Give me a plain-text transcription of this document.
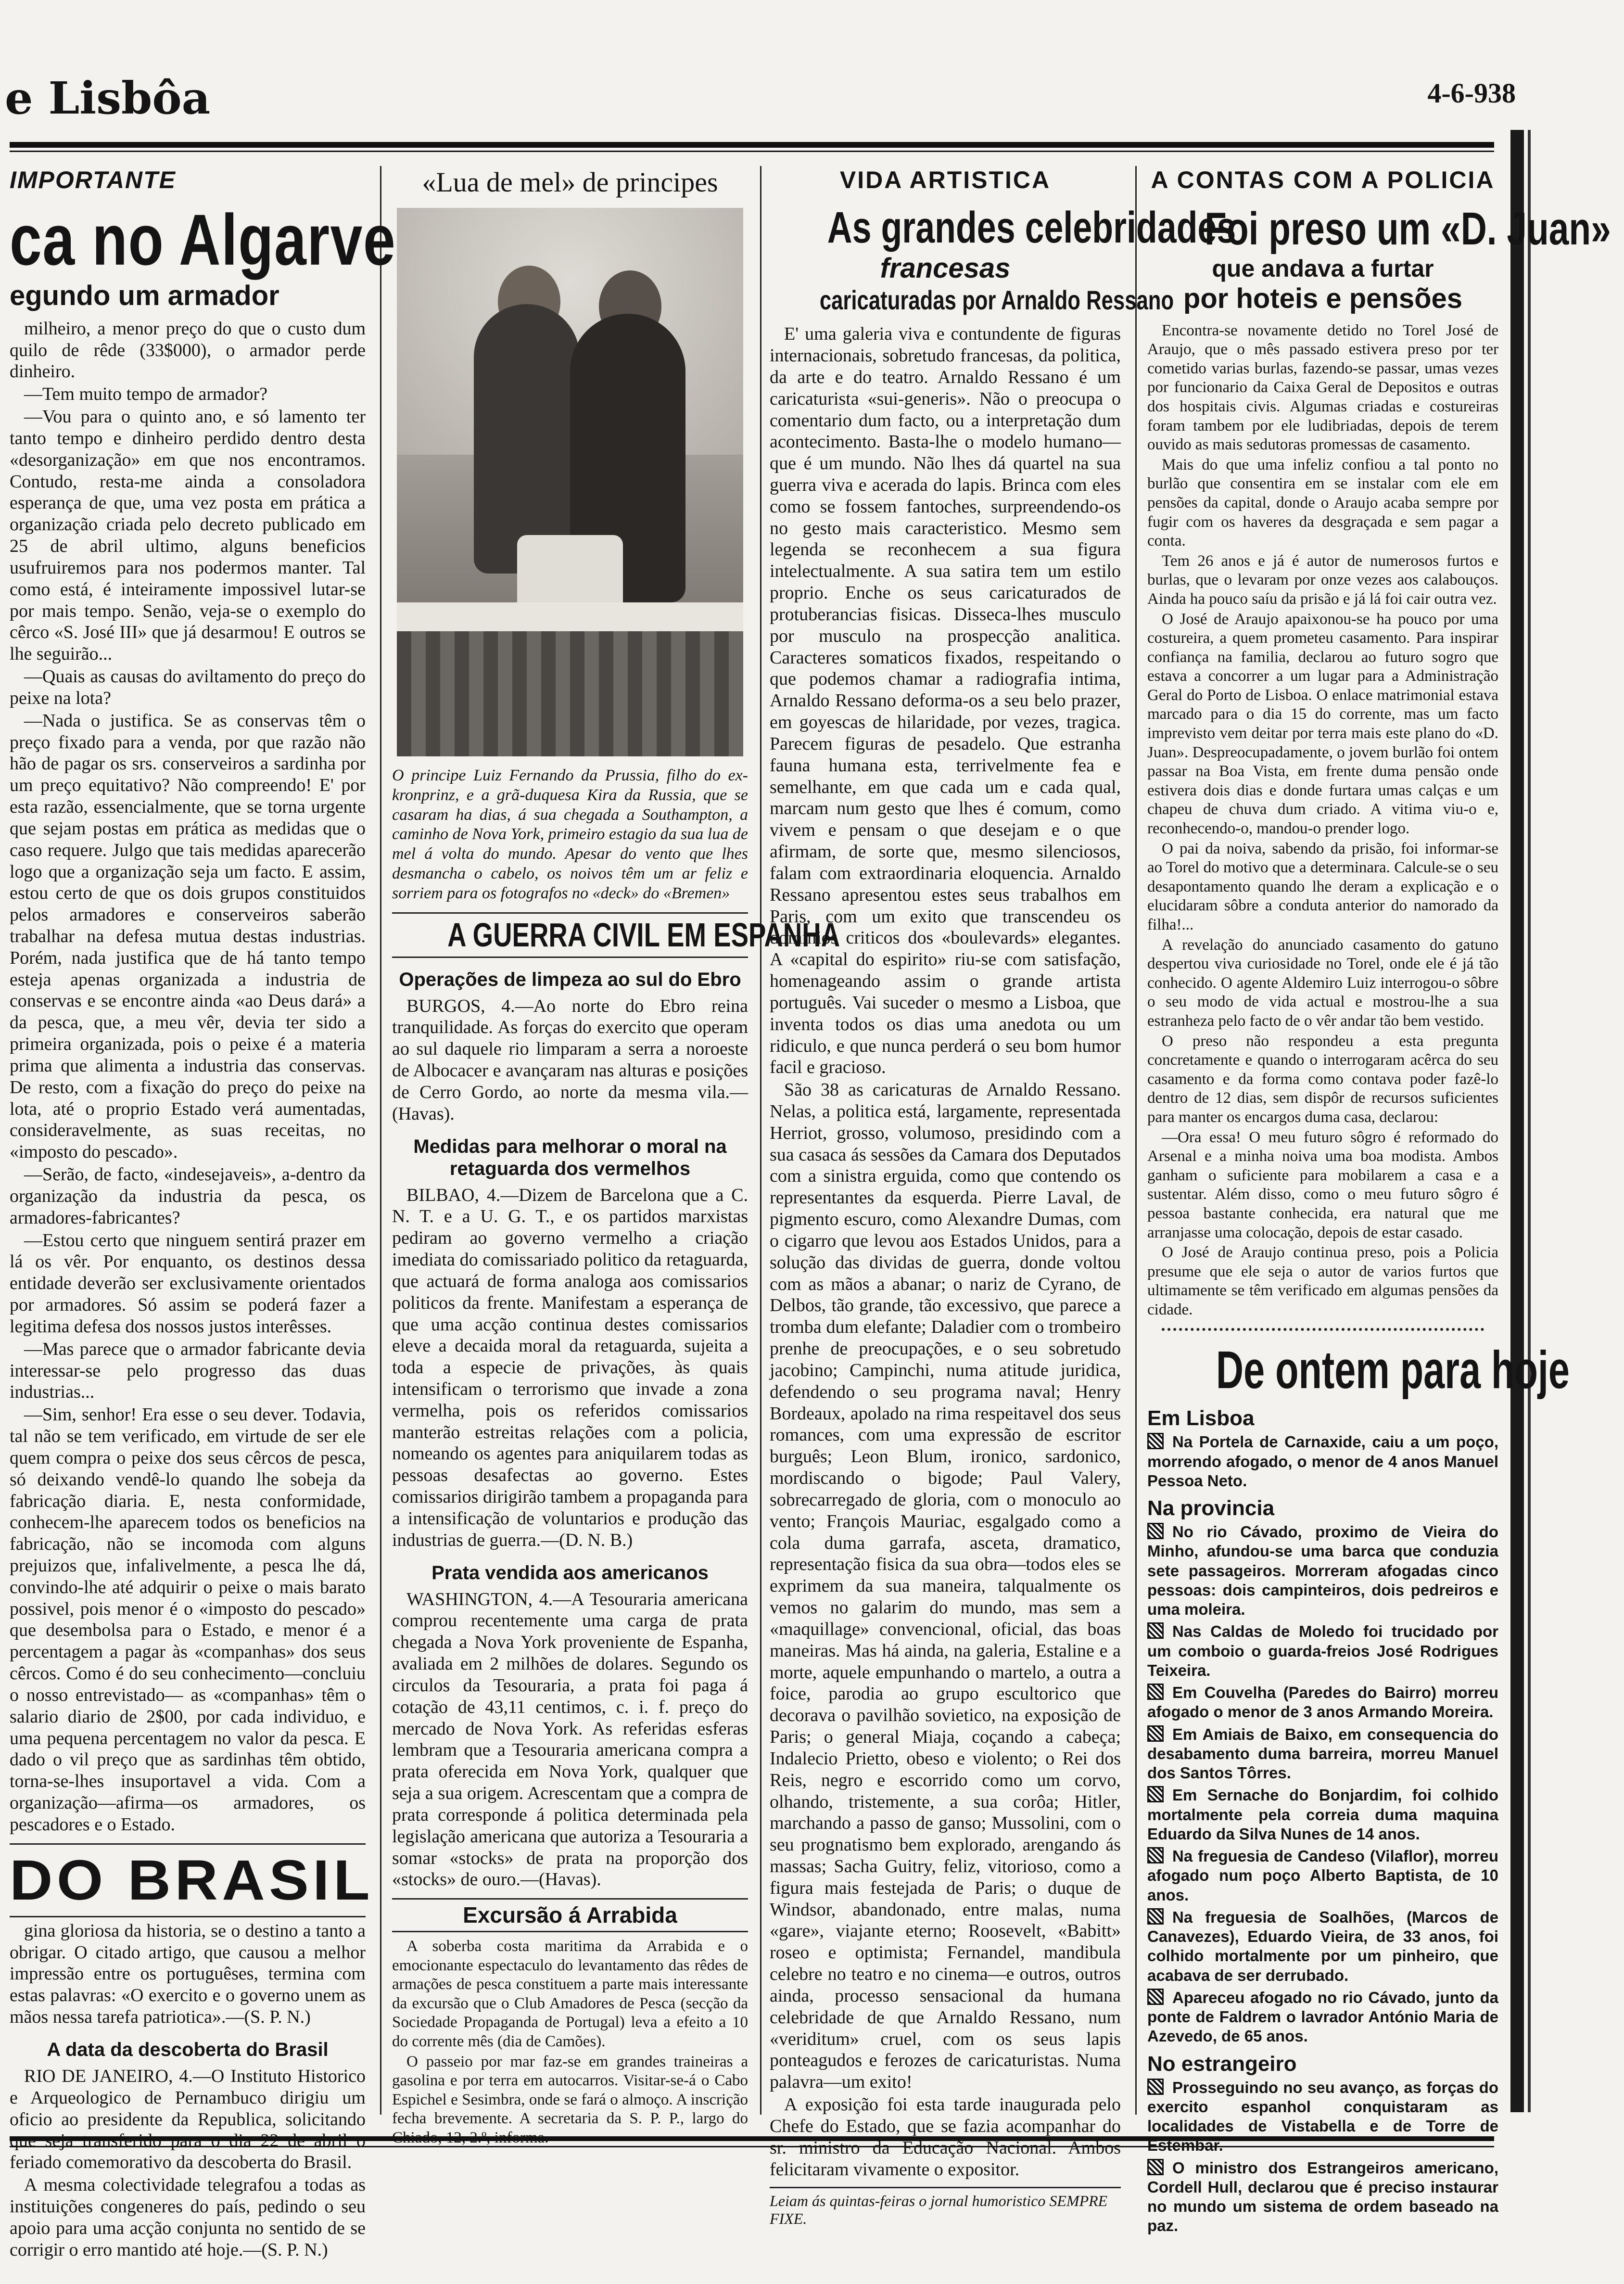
e Lisbôa	4-6-938
IMPORTANTE
ca no Algarve
egundo um armador

milheiro, a menor preço do que o custo dum quilo de rêde (33$000), o armador perde dinheiro.

—Tem muito tempo de armador?

—Vou para o quinto ano, e só lamento ter tanto tempo e dinheiro perdido dentro desta «desorganização» em que nos encontramos. Contudo, resta-me ainda a consoladora esperança de que, uma vez posta em prática a organização criada pelo decreto publicado em 25 de abril ultimo, alguns beneficios usufruiremos para nos podermos manter. Tal como está, é inteiramente impossivel lutar-se por mais tempo. Senão, veja-se o exemplo do cêrco «S. José III» que já desarmou! E outros se lhe seguirão...

—Quais as causas do aviltamento do preço do peixe na lota?

—Nada o justifica. Se as conservas têm o preço fixado para a venda, por que razão não hão de pagar os srs. conserveiros a sardinha por um preço equitativo? Não compreendo! E' por esta razão, essencialmente, que se torna urgente que sejam postas em prática as medidas que o caso requere. Julgo que tais medidas aparecerão logo que a organização seja um facto. E assim, estou certo de que os dois grupos constituidos pelos armadores e conserveiros saberão trabalhar na defesa mutua destas industrias. Porém, nada justifica que de há tanto tempo esteja apenas organizada a industria de conservas e se encontre ainda «ao Deus dará» a da pesca, que, a meu vêr, devia ter sido a primeira organizada, pois o peixe é a materia prima que alimenta a industria das conservas. De resto, com a fixação do preço do peixe na lota, até o proprio Estado verá aumentadas, consideravelmente, as suas receitas, no «imposto do pescado».

—Serão, de facto, «indesejaveis», a-dentro da organização da industria da pesca, os armadores-fabricantes?

—Estou certo que ninguem sentirá prazer em lá os vêr. Por enquanto, os destinos dessa entidade deverão ser exclusivamente orientados por armadores. Só assim se poderá fazer a legitima defesa dos nossos justos interêsses.

—Mas parece que o armador fabricante devia interessar-se pelo progresso das duas industrias...

—Sim, senhor! Era esse o seu dever. Todavia, tal não se tem verificado, em virtude de ser ele quem compra o peixe dos seus cêrcos de pesca, só deixando vendê-lo quando lhe sobeja da fabricação diaria. E, nesta conformidade, conhecem-lhe aparecem todos os beneficios na fabricação, não se incomoda com alguns prejuizos que, infalivelmente, a pesca lhe dá, convindo-lhe até adquirir o peixe o mais barato possivel, pois menor é o «imposto do pescado» que desembolsa para o Estado, e menor é a percentagem a pagar às «companhas» dos seus cêrcos. Como é do seu conhecimento—concluiu o nosso entrevistado— as «companhas» têm o salario diario de 2$00, por cada individuo, e uma pequena percentagem no valor da pesca. E dado o vil preço que as sardinhas têm obtido, torna-se-lhes insuportavel a vida. Com a organização—afirma—os armadores, os pescadores e o Estado.

DO BRASIL

gina gloriosa da historia, se o destino a tanto a obrigar. O citado artigo, que causou a melhor impressão entre os portuguêses, termina com estas palavras: «O exercito e o governo unem as mãos nessa tarefa patriotica».—(S. P. N.)

A data da descoberta do Brasil

RIO DE JANEIRO, 4.—O Instituto Historico e Arqueologico de Pernambuco dirigiu um oficio ao presidente da Republica, solicitando que seja transferido para o dia 22 de abril o feriado comemorativo da descoberta do Brasil.

A mesma colectividade telegrafou a todas as instituições congeneres do país, pedindo o seu apoio para uma acção conjunta no sentido de se corrigir o erro mantido até hoje.—(S. P. N.)

«Lua de mel» de principes
O principe Luiz Fernando da Prussia, filho do ex-kronprinz, e a grã-duquesa Kira da Russia, que se casaram ha dias, á sua chegada a Southampton, a caminho de Nova York, primeiro estagio da sua lua de mel á volta do mundo. Apesar do vento que lhes desmancha o cabelo, os noivos têm um ar feliz e sorriem para os fotografos no «deck» do «Bremen»
A GUERRA CIVIL EM ESPANHA
Operações de limpeza ao sul do Ebro

BURGOS, 4.—Ao norte do Ebro reina tranquilidade. As forças do exercito que operam ao sul daquele rio limparam a serra a noroeste de Albocacer e avançaram nas alturas e posições de Cerro Gordo, ao norte da mesma vila.—(Havas).

Medidas para melhorar o moral na retaguarda dos vermelhos

BILBAO, 4.—Dizem de Barcelona que a C. N. T. e a U. G. T., e os partidos marxistas pediram ao governo vermelho a criação imediata do comissariado politico da retaguarda, que actuará de forma analoga aos comissarios politicos da frente. Manifestam a esperança de que uma acção continua destes comissarios eleve a decaida moral da retaguarda, sujeita a toda a especie de privações, às quais intensificam o terrorismo que invade a zona vermelha, pois os referidos comissarios manterão estreitas relações com a policia, nomeando os agentes para aniquilarem todas as pessoas desafectas ao governo. Estes comissarios dirigirão tambem a propaganda para a intensificação de voluntarios e produção das industrias de guerra.—(D. N. B.)

Prata vendida aos americanos

WASHINGTON, 4.—A Tesouraria americana comprou recentemente uma carga de prata chegada a Nova York proveniente de Espanha, avaliada em 2 milhões de dolares. Segundo os circulos da Tesouraria, a prata foi paga á cotação de 43,11 centimos, c. i. f. preço do mercado de Nova York. As referidas esferas lembram que a Tesouraria americana compra a prata oferecida em Nova York, qualquer que seja a sua origem. Acrescentam que a compra de prata corresponde á politica determinada pela legislação americana que autoriza a Tesouraria a somar «stocks» de prata na proporção dos «stocks» de ouro.—(Havas).

Excursão á Arrabida

A soberba costa maritima da Arrabida e o emocionante espectaculo do levantamento das rêdes de armações de pesca constituem a parte mais interessante da excursão que o Club Amadores de Pesca (secção da Sociedade Propaganda de Portugal) leva a efeito a 10 do corrente mês (dia de Camões).

O passeio por mar faz-se em grandes traineiras a gasolina e por terra em autocarros. Visitar-se-á o Cabo Espichel e Sesimbra, onde se fará o almoço. A inscrição fecha brevemente. A secretaria da S. P. P., largo do Chiado, 12, 2.º, informa.

VIDA ARTISTICA
As grandes celebridades
francesas
caricaturadas por Arnaldo Ressano

E' uma galeria viva e contundente de figuras internacionais, sobretudo francesas, da politica, da arte e do teatro. Arnaldo Ressano é um caricaturista «sui-generis». Não o preocupa o comentario dum facto, ou a interpretação dum acontecimento. Basta-lhe o modelo humano—que é um mundo. Não lhes dá quartel na sua guerra viva e acerada do lapis. Brinca com eles como se fossem fantoches, surpreendendo-os no gesto mais caracteristico. Mesmo sem legenda se reconhecem a sua figura intelectualmente. A sua satira tem um estilo proprio. Enche os seus caricaturados de protuberancias fisicas. Disseca-lhes musculo por musculo na prospecção analitica. Caracteres somaticos fixados, respeitando o que podemos chamar a radiografia intima, Arnaldo Ressano deforma-os a seu belo prazer, em goyescas de hilaridade, por vezes, tragica. Parecem figuras de pesadelo. Que estranha fauna humana esta, terrivelmente fea e semelhante, em que cada um e cada qual, marcam num gesto que lhes é comum, como vivem e pensam o que desejam e o que afirmam, de sorte que, mesmo silenciosos, falam com extraordinaria eloquencia. Arnaldo Ressano apresentou estes seus trabalhos em Paris, com um exito que transcendeu os dominios criticos dos «boulevards» elegantes. A «capital do espirito» riu-se com satisfação, homenageando assim o grande artista português. Vai suceder o mesmo a Lisboa, que inventa todos os dias uma anedota ou um ridiculo, e que nunca perderá o seu bom humor facil e gracioso.

São 38 as caricaturas de Arnaldo Ressano. Nelas, a politica está, largamente, representada Herriot, grosso, volumoso, presidindo com a sua casaca ás sessões da Camara dos Deputados com a sinistra erguida, como que contendo os representantes da esquerda. Pierre Laval, de pigmento escuro, como Alexandre Dumas, com o cigarro que levou aos Estados Unidos, para a solução das dividas de guerra, donde voltou com as mãos a abanar; o nariz de Cyrano, de Delbos, tão grande, tão excessivo, que parece a tromba dum elefante; Daladier com o trombeiro prenhe de preocupações, e o seu sobretudo jacobino; Campinchi, numa atitude juridica, defendendo o seu programa naval; Henry Bordeaux, apolado na rima respeitavel dos seus romances, com uma expressão de escritor burguês; Leon Blum, ironico, sardonico, mordiscando o bigode; Paul Valery, sobrecarregado de gloria, com o monoculo ao vento; François Mauriac, esgalgado como a cola duma garrafa, asceta, dramatico, representação fisica da sua obra—todos eles se exprimem da sua maneira, talqualmente os vemos no galarim do mundo, mas sem a «maquillage» convencional, oficial, das boas maneiras. Mas há ainda, na galeria, Estaline e a morte, aquele empunhando o martelo, a outra a foice, parodia ao grupo escultorico que decorava o pavilhão sovietico, na exposição de Paris; o general Miaja, coçando a cabeça; Indalecio Prietto, obeso e violento; o Rei dos Reis, negro e escorrido como um corvo, olhando, tristemente, a sua corôa; Hitler, marchando a passo de ganso; Mussolini, com o seu prognatismo bem explorado, arengando ás massas; Sacha Guitry, feliz, vitorioso, como a figura mais festejada de Paris; o duque de Windsor, abandonado, entre malas, numa «gare», viajante eterno; Roosevelt, «Babitt» roseo e optimista; Fernandel, mandibula celebre no teatro e no cinema—e outros, outros ainda, processo sensacional da humana celebridade de que Arnaldo Ressano, num «veriditum» cruel, com os seus lapis ponteagudos e ferozes de caricaturistas. Numa palavra—um exito!

A exposição foi esta tarde inaugurada pelo Chefe do Estado, que se fazia acompanhar do sr. ministro da Educação Nacional. Ambos felicitaram vivamente o expositor.

Leiam ás quintas-feiras o jornal humoristico SEMPRE FIXE.
A CONTAS COM A POLICIA
Foi preso um «D. Juan»
que andava a furtar
por hoteis e pensões

Encontra-se novamente detido no Torel José de Araujo, que o mês passado estivera preso por ter cometido varias burlas, fazendo-se passar, umas vezes por funcionario da Caixa Geral de Depositos e outras dos hospitais civis. Algumas criadas e costureiras foram tambem por ele ludibriadas, depois de terem ouvido as mais sedutoras promessas de casamento.

Mais do que uma infeliz confiou a tal ponto no burlão que consentira em se instalar com ele em pensões da capital, donde o Araujo acaba sempre por fugir com os haveres da desgraçada e sem pagar a conta.

Tem 26 anos e já é autor de numerosos furtos e burlas, que o levaram por onze vezes aos calabouços. Ainda ha pouco saíu da prisão e já lá foi cair outra vez.

O José de Araujo apaixonou-se ha pouco por uma costureira, a quem prometeu casamento. Para inspirar confiança na familia, declarou ao futuro sogro que estava a concorrer a um lugar para a Administração Geral do Porto de Lisboa. O enlace matrimonial estava marcado para o dia 15 do corrente, mas um facto imprevisto vem deitar por terra mais este plano do «D. Juan». Despreocupadamente, o jovem burlão foi ontem passar na Boa Vista, em frente duma pensão onde estivera dois dias e donde furtara umas calças e um chapeu de chuva dum criado. A vitima viu-o e, reconhecendo-o, mandou-o prender logo.

O pai da noiva, sabendo da prisão, foi informar-se ao Torel do motivo que a determinara. Calcule-se o seu desapontamento quando lhe deram a explicação e o elucidaram sôbre a conduta anterior do namorado da filha!...

A revelação do anunciado casamento do gatuno despertou viva curiosidade no Torel, onde ele é já tão conhecido. O agente Aldemiro Luiz interrogou-o sôbre o seu modo de vida actual e mostrou-lhe a sua estranheza pelo facto de o vêr andar tão bem vestido.

O preso não respondeu a esta pregunta concretamente e quando o interrogaram acêrca do seu casamento e da forma como contava poder fazê-lo dentro de 12 dias, sem dispôr de recursos suficientes para manter os encargos duma casa, declarou:

—Ora essa! O meu futuro sôgro é reformado do Arsenal e a minha noiva uma boa modista. Ambos ganham o suficiente para mobilarem a casa e a sustentar. Além disso, como o meu futuro sôgro é pessoa bastante conhecida, era natural que me arranjasse uma colocação, depois de estar casado.

O José de Araujo continua preso, pois a Policia presume que ele seja o autor de varios furtos que ultimamente se têm verificado em algumas pensões da cidade.

De ontem para hoje
Em Lisboa
Na Portela de Carnaxide, caiu a um poço, morrendo afogado, o menor de 4 anos Manuel Pessoa Neto.
Na provincia
No rio Cávado, proximo de Vieira do Minho, afundou-se uma barca que conduzia sete passageiros. Morreram afogadas cinco pessoas: dois campinteiros, dois pedreiros e uma moleira.
Nas Caldas de Moledo foi trucidado por um comboio o guarda-freios José Rodrigues Teixeira.
Em Couvelha (Paredes do Bairro) morreu afogado o menor de 3 anos Armando Moreira.
Em Amiais de Baixo, em consequencia do desabamento duma barreira, morreu Manuel dos Santos Tôrres.
Em Sernache do Bonjardim, foi colhido mortalmente pela correia duma maquina Eduardo da Silva Nunes de 14 anos.
Na freguesia de Candeso (Vilaflor), morreu afogado num poço Alberto Baptista, de 10 anos.
Na freguesia de Soalhões, (Marcos de Canavezes), Eduardo Vieira, de 33 anos, foi colhido mortalmente por um pinheiro, que acabava de ser derrubado.
Apareceu afogado no rio Cávado, junto da ponte de Faldrem o lavrador António Maria de Azevedo, de 65 anos.
No estrangeiro
Prosseguindo no seu avanço, as forças do exercito espanhol conquistaram as localidades de Vistabella e de Torre de Estembar.
O ministro dos Estrangeiros americano, Cordell Hull, declarou que é preciso instaurar no mundo um sistema de ordem baseado na paz.
